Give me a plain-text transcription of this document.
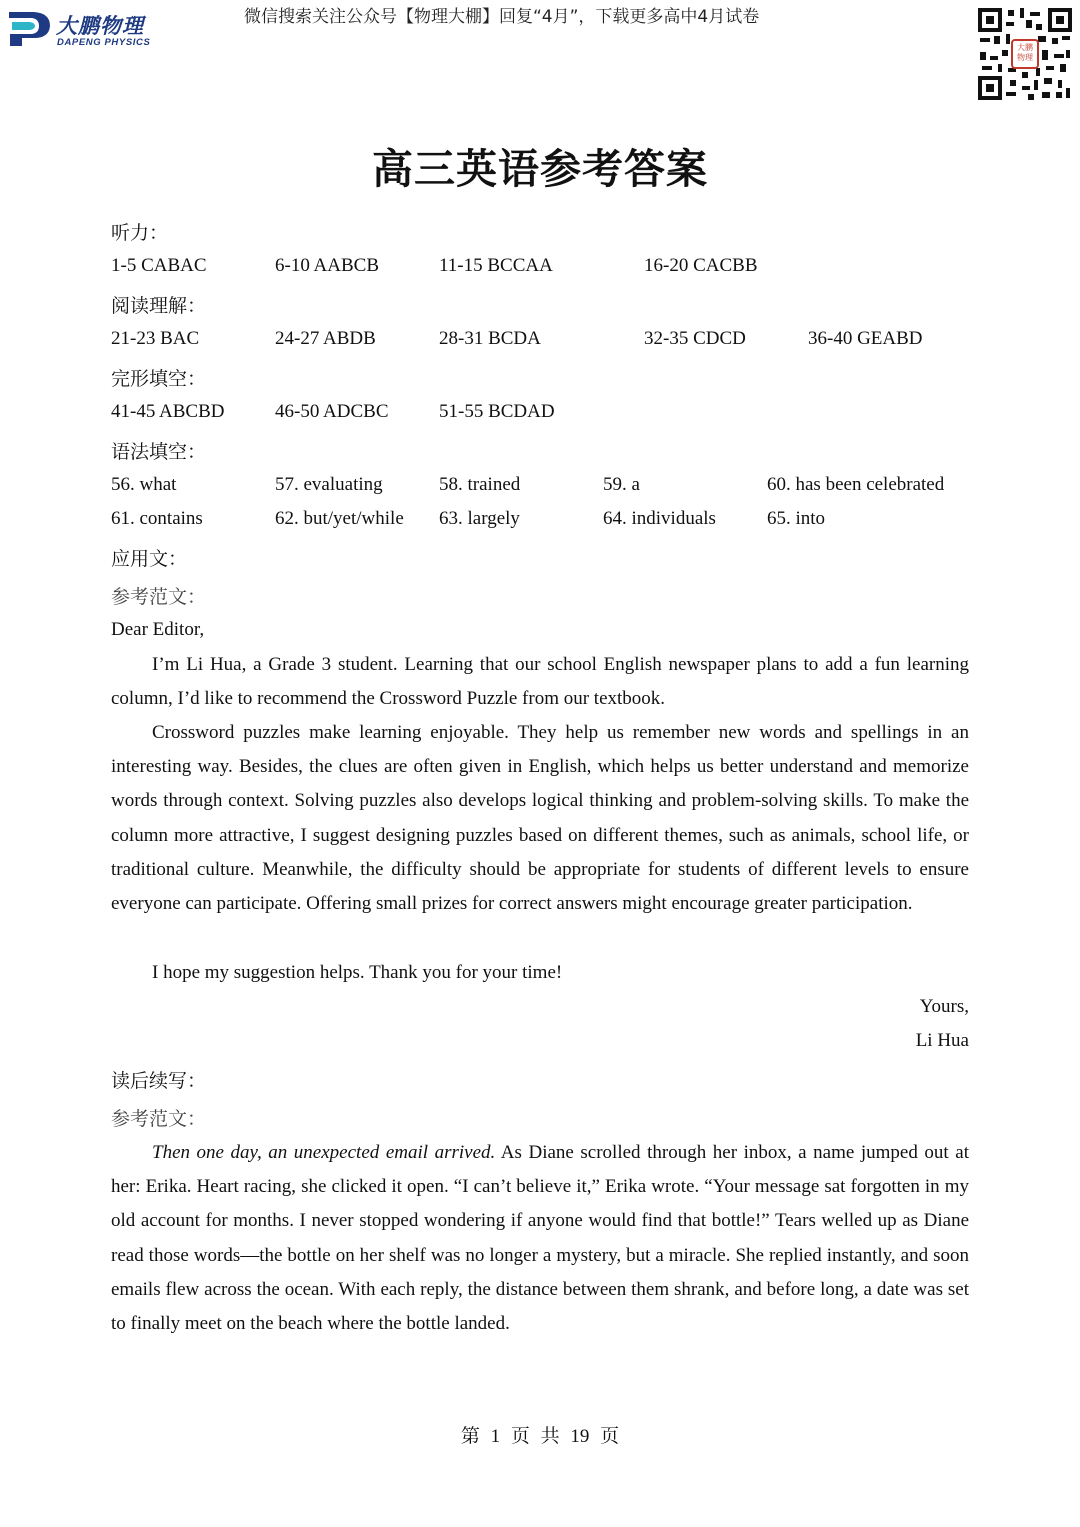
大鹏物理
DAPENG PHYSICS
微信搜索关注公众号【物理大棚】回复“4月”，下载更多高中4月试卷
大鹏物理
高三英语参考答案
听力：
1-5 CABAC	6-10 AABCB	11-15 BCCAA	16-20 CACBB
阅读理解：
21-23 BAC	24-27 ABDB	28-31 BCDA	32-35 CDCD	36-40 GEABD
完形填空：
41-45 ABCBD	46-50 ADCBC	51-55 BCDAD
语法填空：
56. what	57. evaluating	58. trained	59. a	60. has been celebrated
61. contains	62. but/yet/while 63. largely	64. individuals	65. into
应用文：
参考范文：
Dear Editor,

I’m Li Hua, a Grade 3 student. Learning that our school English newspaper plans to add a fun learning column, I’d like to recommend the Crossword Puzzle from our textbook.

Crossword puzzles make learning enjoyable. They help us remember new words and spellings in an interesting way. Besides, the clues are often given in English, which helps us better understand and memorize words through context. Solving puzzles also develops logical thinking and problem-solving skills. To make the column more attractive, I suggest designing puzzles based on different themes, such as animals, school life, or traditional culture. Meanwhile, the difficulty should be appropriate for students of different levels to ensure everyone can participate. Offering small prizes for correct answers might encourage greater participation.

I hope my suggestion helps. Thank you for your time!

Yours,
Li Hua
读后续写：
参考范文：

Then one day, an unexpected email arrived. As Diane scrolled through her inbox, a name jumped out at her: Erika. Heart racing, she clicked it open. “I can’t believe it,” Erika wrote. “Your message sat forgotten in my old account for months. I never stopped wondering if anyone would find that bottle!” Tears welled up as Diane read those words—the bottle on her shelf was no longer a mystery, but a miracle. She replied instantly, and soon emails flew across the ocean. With each reply, the distance between them shrank, and before long, a date was set to finally meet on the beach where the bottle landed.

第 1 页 共 19 页
